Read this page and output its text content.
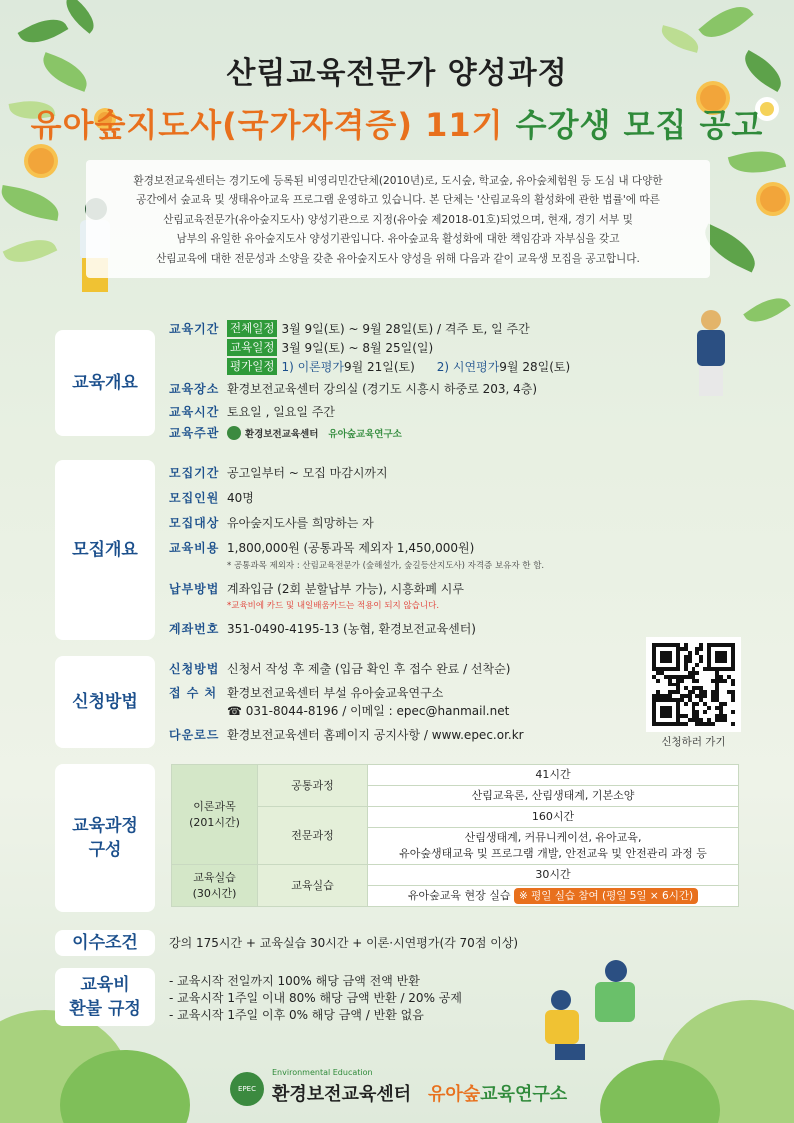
산림교육전문가 양성과정
유아숲지도사(국가자격증) 11기 수강생 모집 공고
환경보전교육센터는 경기도에 등록된 비영리민간단체(2010년)로, 도시숲, 학교숲, 유아숲체험원 등 도심 내 다양한
공간에서 숲교육 및 생태유아교육 프로그램 운영하고 있습니다. 본 단체는 '산림교육의 활성화에 관한 법률'에 따른
산림교육전문가(유아숲지도사) 양성기관으로 지정(유아숲 제2018-01호)되었으며, 현재, 경기 서부 및
남부의 유일한 유아숲지도사 양성기관입니다. 유아숲교육 활성화에 대한 책임감과 자부심을 갖고
산림교육에 대한 전문성과 소양을 갖춘 유아숲지도사 양성을 위해 다음과 같이 교육생 모집을 공고합니다.
교육개요
교육기간 전체일정 3월 9일(토) ~ 9월 28일(토) / 격주 토, 일 주간
교육일정 3월 9일(토) ~ 8월 25일(일)
평가일정 1) 이론평가 9월 21일(토) 2) 시연평가 9월 28일(토)
교육장소 환경보전교육센터 강의실 (경기도 시흥시 하중로 203, 4층)
교육시간 토요일 , 일요일 주간
교육주관	환경보전교육센터 유아숲교육연구소
모집개요
모집기간 공고일부터 ~ 모집 마감시까지
모집인원 40명
모집대상 유아숲지도사를 희망하는 자
교육비용 1,800,000원 (공통과목 제외자 1,450,000원)
* 공통과목 제외자 : 산림교육전문가 (숲해설가, 숲길등산지도사) 자격증 보유자 한 함.
납부방법 계좌입금 (2회 분할납부 가능), 시흥화폐 시루
*교육비에 카드 및 내일배움카드는 적용이 되지 않습니다.
계좌번호 351-0490-4195-13 (농협, 환경보전교육센터)
신청방법
신청방법 신청서 작성 후 제출 (입금 확인 후 접수 완료 / 선착순)
접 수 처 환경보전교육센터 부설 유아숲교육연구소
☎ 031-8044-8196 / 이메일 : epec@hanmail.net
다운로드 환경보전교육센터 홈페이지 공지사항 / www.epec.or.kr	신청하러 가기
교육과정
구성
이론과목
(201시간)	공통과정	41시간
		산림교육론, 산림생태계, 기본소양
	전문과정	160시간

		산림생태계, 커뮤니케이션, 유아교육,
유아숲생태교육 및 프로그램 개발, 안전교육 및 안전관리 과정 등

교육실습
(30시간)	교육실습	30시간
		유아숲교육 현장 실습 ※ 평일 실습 참여 (평일 5일 × 6시간)
이수조건	강의 175시간 + 교육실습 30시간 + 이론·시연평가(각 70점 이상)
교육비
환불 규정
- 교육시작 전일까지 100% 해당 금액 전액 반환
- 교육시작 1주일 이내 80% 해당 금액 반환 / 20% 공제
- 교육시작 1주일 이후 0% 해당 금액 / 반환 없음
EPEC
Environmental Education
환경보전교육센터 유아숲교육연구소
